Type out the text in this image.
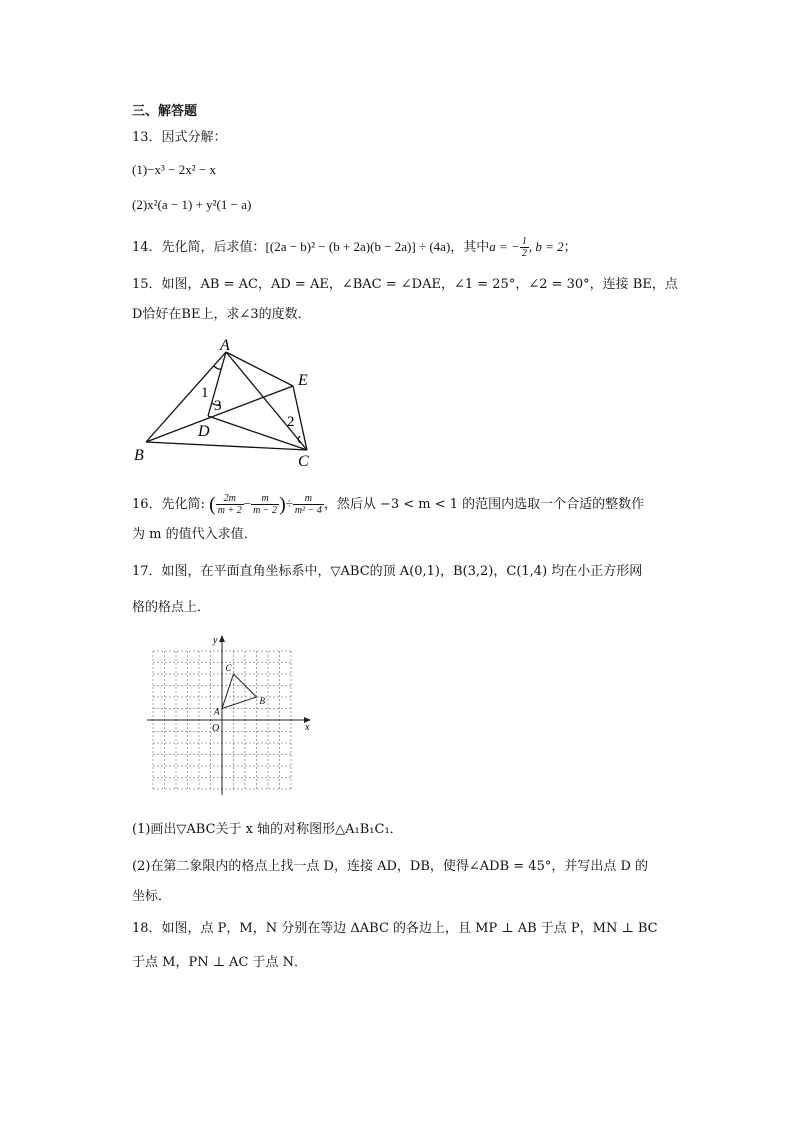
三、解答题
13．因式分解：
(1)−x³ − 2x² − x
(2)x²(a − 1) + y²(1 − a)
14．先化简，后求值：[(2a − b)² − (b + 2a)(b − 2a)] ÷ (4a)，其中a = − $\frac{1}{2}$ , b = 2；
15．如图，AB = AC，AD = AE，∠BAC = ∠DAE，∠1 = 25°，∠2 = 30°，连接 BE，点
D恰好在BE上，求∠3的度数．
A
E
B	C
D
1
3
2
16．先化简: ( $\frac{2m}{m + 2} - \frac{m}{m - 2}$ )÷ $\frac{m}{\text{m² − 4}}$ ，然后从 −3 < m < 1 的范围内选取一个合适的整数作
为 m 的值代入求值．
17．如图，在平面直角坐标系中，▽ABC的顶 A(0,1)，B(3,2)，C(1,4) 均在小正方形网
格的格点上．
y
x
O
A
B
C
(1)画出▽ABC关于 x 轴的对称图形△A₁B₁C₁．
(2)在第二象限内的格点上找一点 D，连接 AD，DB，使得∠ADB = 45°，并写出点 D 的
坐标．
18．如图，点 P，M，N 分别在等边 ΔABC 的各边上，且 MP ⊥ AB 于点 P，MN ⊥ BC
于点 M，PN ⊥ AC 于点 N．
